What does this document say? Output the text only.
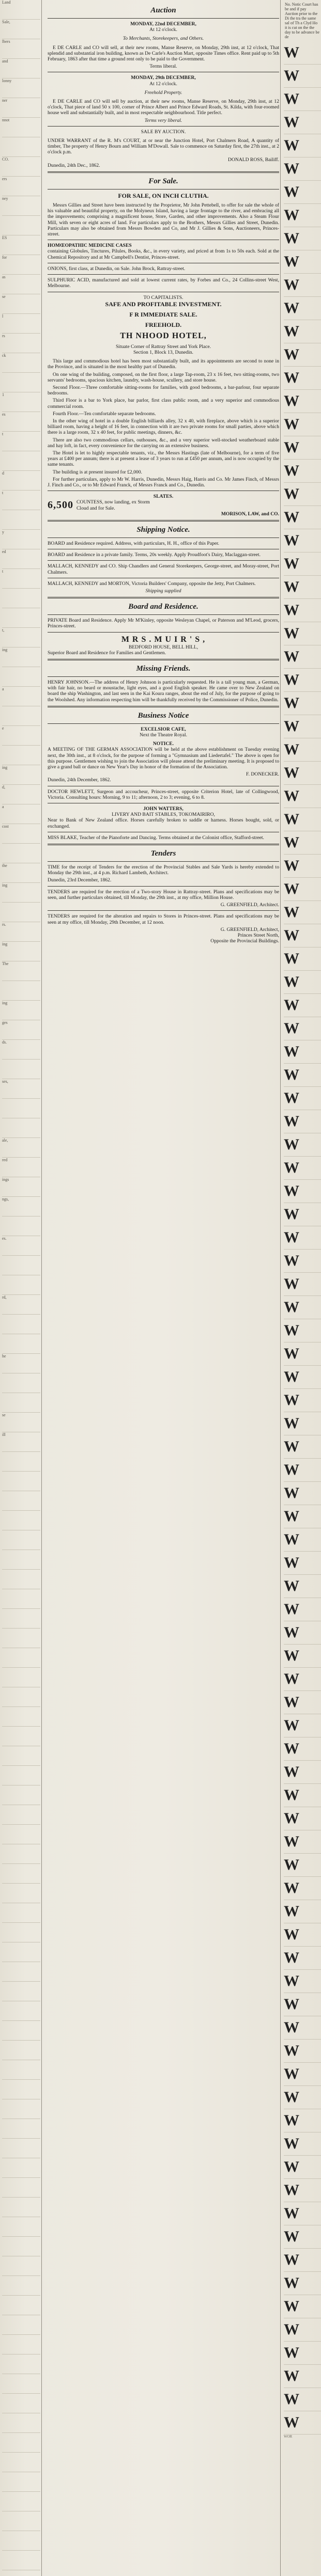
Land
Sale,
lbers
and
lonny
ner
nnot
CO.
ers
ney
ES
for
as
se
l
rs
ck
1
es
t
d
t
y
ed
t
t,
ing
a
e
ing
d,
a
cost
the
ing
rs.
ing
The
ing
ges
ds.
ses,
ale,
red
ings
ngs,
es.
rd,
he
se
ill
Auction
MONDAY, 22nd DECEMBER,
At 12 o'clock.
To Merchants, Storekeepers, and Others.

E DE CARLE and CO will sell, at their new rooms, Manse Reserve, on Monday, 29th inst, at 12 o'clock, That splendid and substantial iron building, known as De Carle's Auction Mart, opposite Times office. Rent paid up to 5th February, 1863 after that time a ground rent only to be paid to the Government.

Terms liberal.
MONDAY, 29th DECEMBER,
At 12 o'clock.
Freehold Property.

E DE CARLE and CO will sell by auction, at their new rooms, Manse Reserve, on Monday, 29th inst, at 12 o'clock, That piece of land 50 x 100, corner of Prince Albert and Prince Edward Roads, St. Kilda, with four-roomed house well and substantially built, and in most respectable neighbourhood. Title perfect.

Terms very liberal.
SALE BY AUCTION.

UNDER WARRANT of the R. M's COURT, at or near the Junction Hotel, Port Chalmers Road, A quantity of timber, The property of Henry Bourn and William M'Dowall. Sale to commence on Saturday first, the 27th inst., at 2 o'clock p.m.

DONALD ROSS, Bailiff.
Dunedin, 24th Dec., 1862.
For Sale.
FOR SALE, ON INCH CLUTHA.

Messrs Gillies and Street have been instructed by the Proprietor, Mr John Pettebell, to offer for sale the whole of his valuable and beautiful property, on the Molyneux Island, having a large frontage to the river, and embracing all the improvements; comprising a magnificent house, Store, Garden, and other improvements. Also a Steam Flour Mill, with seven or eight acres of land. For particulars apply to the Brothers, Messrs Gillies and Street, Dunedin. Particulars may also be obtained from Messrs Bowden and Co, and Mr J. Gillies & Sons, Auctioneers, Princes-street.

HOMŒOPATHIC MEDICINE CASES

containing Globules, Tinctures, Pilules, Books, &c., in every variety, and priced at from 1s to 50s each. Sold at the Chemical Repository and at Mr Campbell's Dentist, Princes-street.

ONIONS, first class, at Dunedin, on Sale. John Brock, Rattray-street.

SULPHURIC ACID, manufactured and sold at lowest current rates, by Forbes and Co., 24 Collins-street West, Melbourne.

TO CAPITALISTS.
SAFE AND PROFITABLE INVESTMENT.
F R IMMEDIATE SALE.
FREEHOLD.
TH NHOOD HOTEL,
Situate Corner of Rattray Street and York Place.
Section 1, Block 13, Dunedin.

This large and commodious hotel has been most substantially built, and its appointments are second to none in the Province, and is situated in the most healthy part of Dunedin.

On one wing of the building, composed, on the first floor, a large Tap-room, 23 x 16 feet, two sitting-rooms, two servants' bedrooms, spacious kitchen, laundry, wash-house, scullery, and store house.

Second Floor.—Three comfortable sitting-rooms for families, with good bedrooms, a bar-parlour, four separate bedrooms.

Third Floor is a bar to York place, bar parlor, first class public room, and a very superior and commodious commercial room.

Fourth Floor.—Ten comfortable separate bedrooms.

In the other wing of hotel in a double English billiards alley, 32 x 40, with fireplace, above which is a superior billiard room, having a height of 16 feet, in connection with it are two private rooms for small parties, above which there is a large room, 32 x 40 feet, for public meetings, dinners, &c.

There are also two commodious cellars, outhouses, &c., and a very superior well-stocked weatherboard stable and hay loft, in fact, every convenience for the carrying on an extensive business.

The Hotel is let to highly respectable tenants, viz., the Messrs Hastings (late of Melbourne), for a term of five years at £400 per annum; there is at present a lease of 3 years to run at £450 per annum, and is now occupied by the same tenants.

The building is at present insured for £2,000.

For further particulars, apply to Mr W. Harris, Dunedin, Messrs Haig, Harris and Co. Mr James Finch, of Messrs J. Finch and Co., or to Mr Edward Franck, of Messrs Franck and Co., Dunedin.

SLATES.
6,500 COUNTESS, now landing, ex Storm
Cloud and for Sale.
MORISON, LAW, and CO.
Shipping Notice.

BOARD and Residence required. Address, with particulars, H. H., office of this Paper.

BOARD and Residence in a private family. Terms, 20s weekly. Apply Proudfoot's Dairy, Maclaggan-street.

MALLACH, KENNEDY and CO. Ship Chandlers and General Storekeepers, George-street, and Moray-street, Port Chalmers.

MALLACH, KENNEDY and MORTON, Victoria Builders' Company, opposite the Jetty, Port Chalmers.

Shipping supplied
Board and Residence.

PRIVATE Board and Residence. Apply Mr M'Kinley, opposite Wesleyan Chapel, or Paterson and M'Leod, grocers, Princes-street.

M R S . M U I R ' S ,
BEDFORD HOUSE, BELL HILL,

Superior Board and Residence for Families and Gentlemen.

Missing Friends.

HENRY JOHNSON.—The address of Henry Johnson is particularly requested. He is a tall young man, a German, with fair hair, no beard or moustache, light eyes, and a good English speaker. He came over to New Zealand on board the ship Washington, and last seen in the Kai Koura ranges, about the end of July, for the purpose of going to the Woolshed. Any information respecting him will be thankfully received by the Commissioner of Police, Dunedin.

Business Notice
EXCELSIOR CAFE,
Next the Theatre Royal.
NOTICE.

A MEETING OF THE GERMAN ASSOCIATION will be held at the above establishment on Tuesday evening next, the 30th inst., at 8 o'clock, for the purpose of forming a "Gymnasium and Liedertafel." The above is open for this purpose. Gentlemen wishing to join the Association will please attend the preliminary meeting. It is proposed to give a grand ball or dance on New Year's Day in honor of the formation of the Association.

F. DONECKER.
Dunedin, 24th December, 1862.

DOCTOR HEWLETT, Surgeon and accoucheur, Princes-street, opposite Criterion Hotel, late of Collingwood, Victoria. Consulting hours: Morning, 9 to 11; afternoon, 2 to 3; evening, 6 to 8.

JOHN WATTERS,
LIVERY AND BAIT STABLES, TOKOMAIRIRO,

Near to Bank of New Zealand office. Horses carefully broken to saddle or harness. Horses bought, sold, or exchanged.

MISS BLAKE, Teacher of the Pianoforte and Dancing. Terms obtained at the Colonist office, Stafford-street.

Tenders

TIME for the receipt of Tenders for the erection of the Provincial Stables and Sale Yards is hereby extended to Monday the 29th inst., at 4 p.m. Richard Lambeth, Architect.

Dunedin, 23rd December, 1862.

TENDERS are required for the erection of a Two-story House in Rattray-street. Plans and specifications may be seen, and further particulars obtained, till Monday, the 29th inst., at my office, Million House.

G. GREENFIELD, Architect.

TENDERS are required for the alteration and repairs to Stores in Princes-street. Plans and specifications may be seen at my office, till Monday, 29th December, at 12 noon.

G. GREENFIELD, Architect,
Princes Street North,
Opposite the Provincial Buildings.
No. Notic Court has be and if pay Auction prior to the Di the tra the same sal of Th a Clyd Ho it is cut on the the day to be advance be de
W
W
W
W
W
W
W
W
W
W
W
W
W
W
W
W
W
W
W
W
W
W
W
W
W
W
W
W
W
W
W
W
W
W
W
W
W
W
W
W
W
W
W
W
W
W
W
W
W
W
W
W
W
W
W
W
W
W
W
W
W
W
W
W
W
W
W
W
W
W
W
W
W
W
W
W
W
W
W
W
W
W
W
W
W
W
W
W
W
W
W
W
W
W
W
W
W
W
W
W
W
W
W
WOR
